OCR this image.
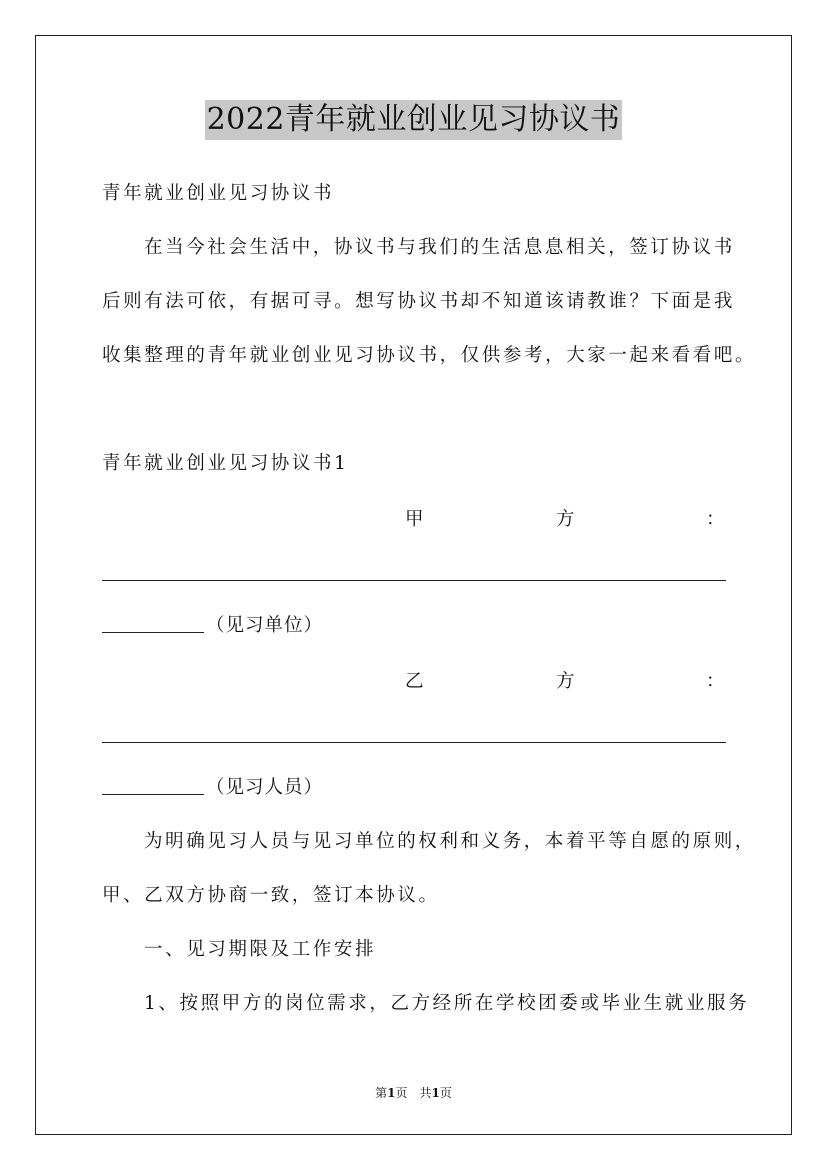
2022青年就业创业见习协议书
青年就业创业见习协议书
在当今社会生活中，协议书与我们的生活息息相关，签订协议书
后则有法可依，有据可寻。想写协议书却不知道该请教谁？下面是我
收集整理的青年就业创业见习协议书，仅供参考，大家一起来看看吧。
青年就业创业见习协议书1
甲	方	：
（见习单位）
乙	方	：
（见习人员）
为明确见习人员与见习单位的权利和义务，本着平等自愿的原则，
甲、乙双方协商一致，签订本协议。
一、见习期限及工作安排
1、按照甲方的岗位需求，乙方经所在学校团委或毕业生就业服务
第1页　共1页
